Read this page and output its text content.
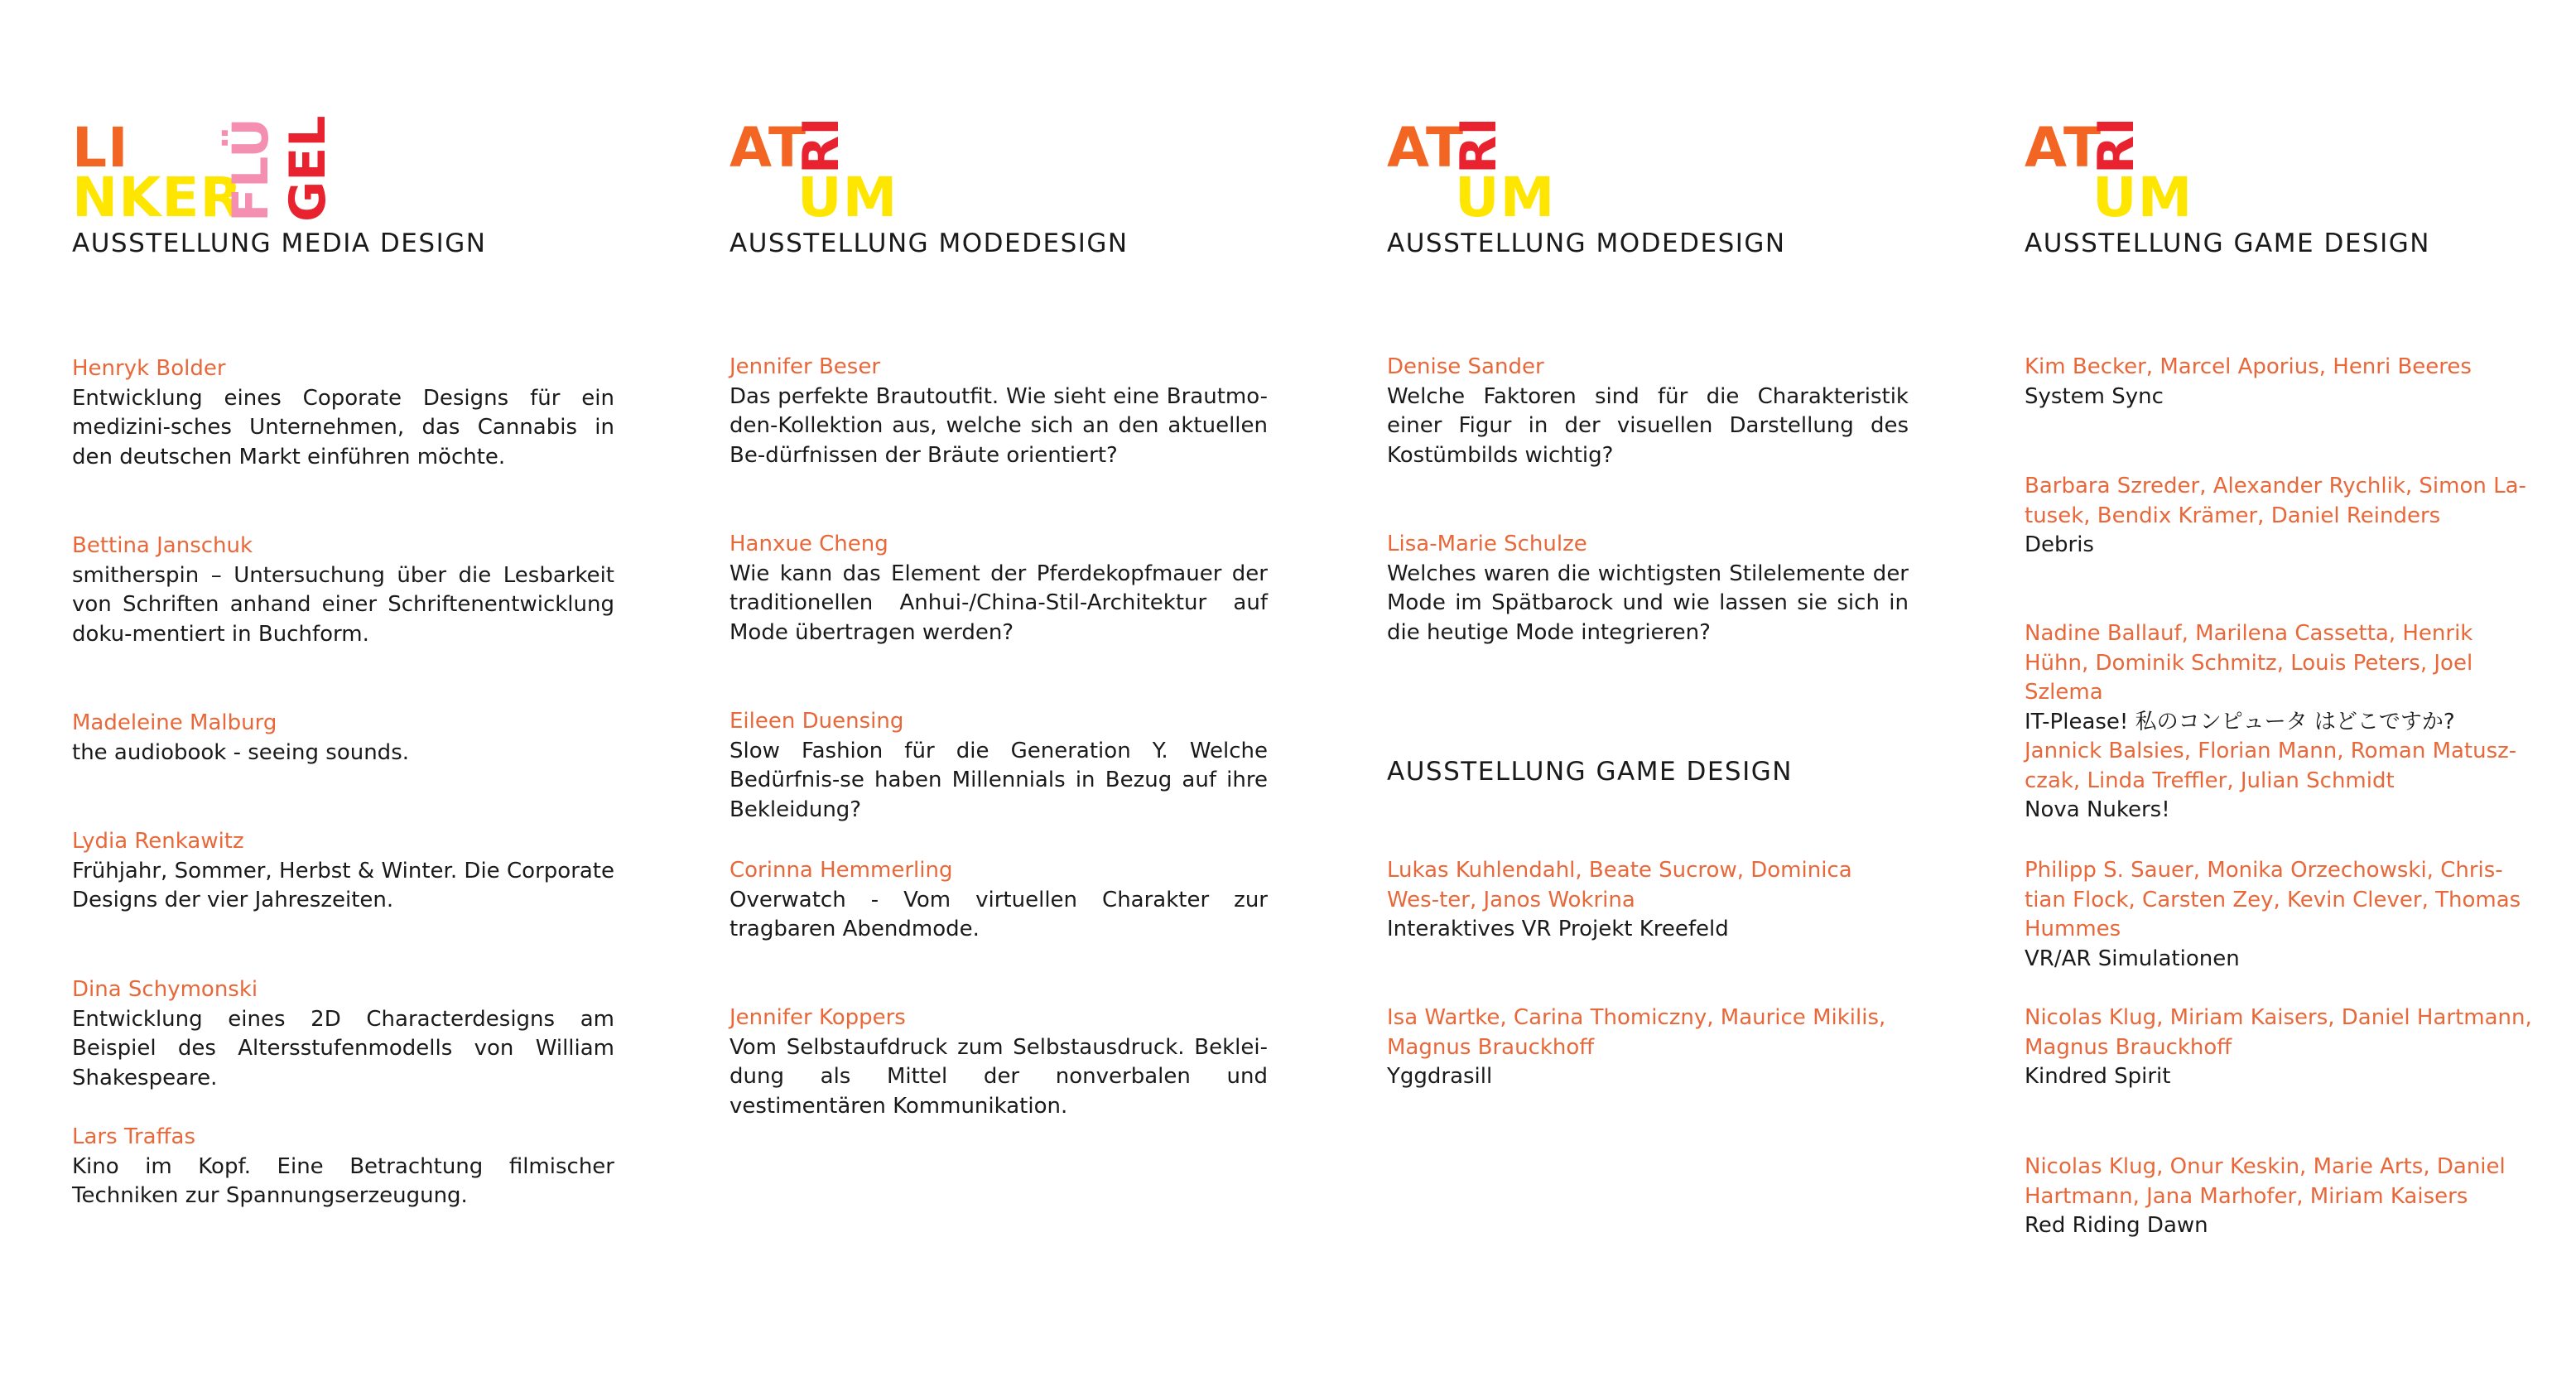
LI
NKER
FLÜ GEL
AUSSTELLUNG MEDIA DESIGN
Henryk Bolder
Entwicklung eines Coporate Designs für ein medizini-sches Unternehmen, das Cannabis in den deutschen Markt einführen möchte.
Bettina Janschuk
smitherspin – Untersuchung über die Lesbarkeit von Schriften anhand einer Schriftenentwicklung doku-mentiert in Buchform.
Madeleine Malburg
the audiobook - seeing sounds.
Lydia Renkawitz
Frühjahr, Sommer, Herbst & Winter. Die Corporate Designs der vier Jahreszeiten.
Dina Schymonski
Entwicklung eines 2D Characterdesigns am Beispiel des Altersstufenmodells von William Shakespeare.
Lars Traffas
Kino im Kopf. Eine Betrachtung filmischer Techniken zur Spannungserzeugung.
AT
RI
UM
AUSSTELLUNG MODEDESIGN
Jennifer Beser
Das perfekte Brautoutfit. Wie sieht eine Brautmo-den-Kollektion aus, welche sich an den aktuellen Be-dürfnissen der Bräute orientiert?
Hanxue Cheng
Wie kann das Element der Pferdekopfmauer der traditionellen Anhui-/China-Stil-Architektur auf Mode übertragen werden?
Eileen Duensing
Slow Fashion für die Generation Y. Welche Bedürfnis-se haben Millennials in Bezug auf ihre Bekleidung?
Corinna Hemmerling
Overwatch - Vom virtuellen Charakter zur tragbaren Abendmode.
Jennifer Koppers
Vom Selbstaufdruck zum Selbstausdruck. Beklei-dung als Mittel der nonverbalen und vestimentären Kommunikation.
AT
RI
UM
AUSSTELLUNG MODEDESIGN
Denise Sander
Welche Faktoren sind für die Charakteristik einer Figur in der visuellen Darstellung des Kostümbilds wichtig?
Lisa-Marie Schulze
Welches waren die wichtigsten Stilelemente der Mode im Spätbarock und wie lassen sie sich in die heutige Mode integrieren?
AUSSTELLUNG GAME DESIGN
Lukas Kuhlendahl, Beate Sucrow, Dominica Wes-ter, Janos Wokrina
Interaktives VR Projekt Kreefeld
Isa Wartke, Carina Thomiczny, Maurice Mikilis, Magnus Brauckhoff
Yggdrasill
AT
RI
UM
AUSSTELLUNG GAME DESIGN
Kim Becker, Marcel Aporius, Henri Beeres
System Sync
Barbara Szreder, Alexander Rychlik, Simon La-tusek, Bendix Krämer, Daniel Reinders
Debris
Nadine Ballauf, Marilena Cassetta, Henrik Hühn, Dominik Schmitz, Louis Peters, Joel Szlema
IT-Please! 私のコンピュータ はどこですか?
Jannick Balsies, Florian Mann, Roman Matusz-czak, Linda Treffler, Julian Schmidt
Nova Nukers!
Philipp S. Sauer, Monika Orzechowski, Chris-tian Flock, Carsten Zey, Kevin Clever, Thomas Hummes
VR/AR Simulationen
Nicolas Klug, Miriam Kaisers, Daniel Hartmann, Magnus Brauckhoff
Kindred Spirit
Nicolas Klug, Onur Keskin, Marie Arts, Daniel Hartmann, Jana Marhofer, Miriam Kaisers
Red Riding Dawn
